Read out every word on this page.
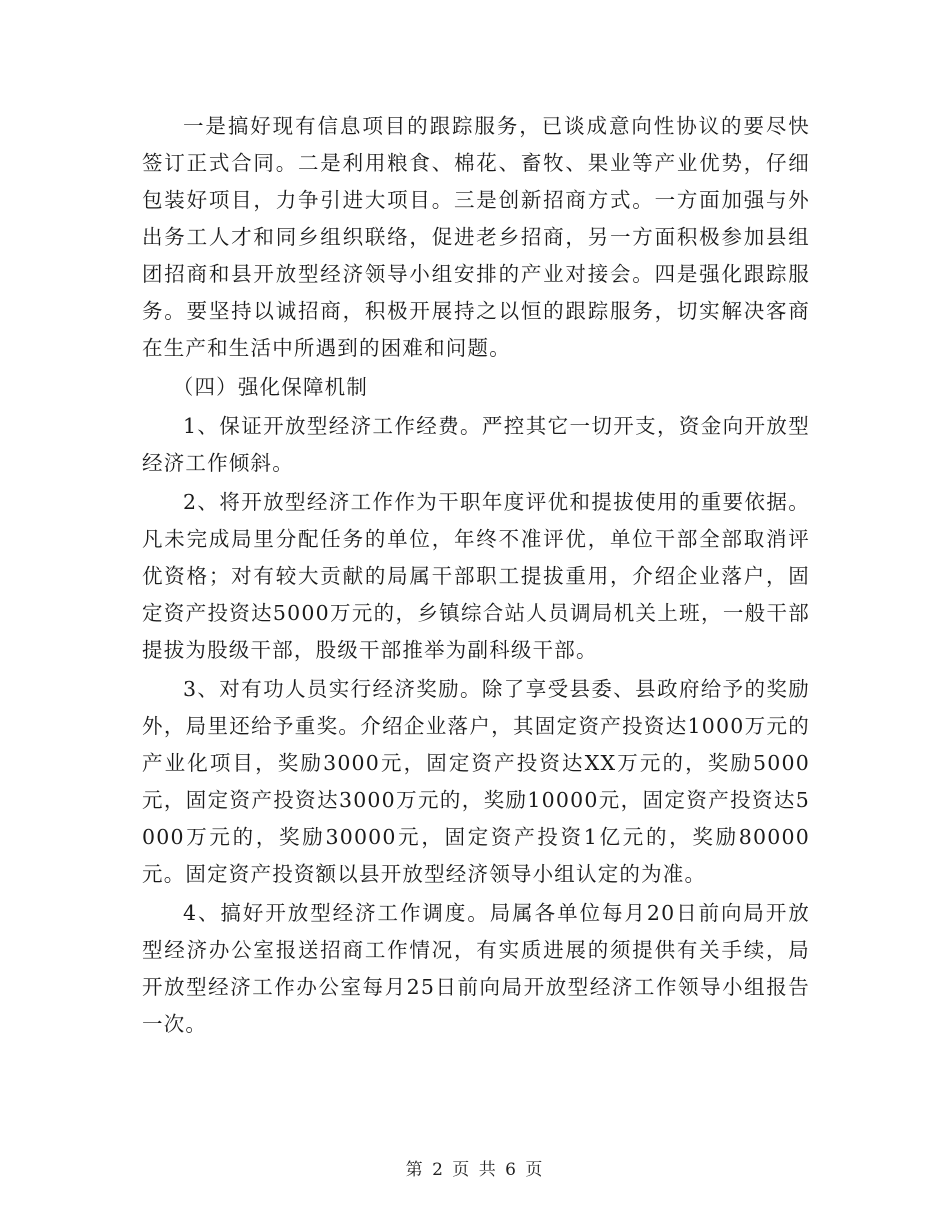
一是搞好现有信息项目的跟踪服务，已谈成意向性协议的要尽快签订正式合同。二是利用粮食、棉花、畜牧、果业等产业优势，仔细包装好项目，力争引进大项目。三是创新招商方式。一方面加强与外出务工人才和同乡组织联络，促进老乡招商，另一方面积极参加县组团招商和县开放型经济领导小组安排的产业对接会。四是强化跟踪服务。要坚持以诚招商，积极开展持之以恒的跟踪服务，切实解决客商在生产和生活中所遇到的困难和问题。

（四）强化保障机制

1、保证开放型经济工作经费。严控其它一切开支，资金向开放型经济工作倾斜。

2、将开放型经济工作作为干职年度评优和提拔使用的重要依据。凡未完成局里分配任务的单位，年终不准评优，单位干部全部取消评优资格；对有较大贡献的局属干部职工提拔重用，介绍企业落户，固定资产投资达5000万元的，乡镇综合站人员调局机关上班，一般干部提拔为股级干部，股级干部推举为副科级干部。

3、对有功人员实行经济奖励。除了享受县委、县政府给予的奖励外，局里还给予重奖。介绍企业落户，其固定资产投资达1000万元的产业化项目，奖励3000元，固定资产投资达XX万元的，奖励5000元，固定资产投资达3000万元的，奖励10000元，固定资产投资达5000万元的，奖励30000元，固定资产投资1亿元的，奖励80000元。固定资产投资额以县开放型经济领导小组认定的为准。

4、搞好开放型经济工作调度。局属各单位每月20日前向局开放型经济办公室报送招商工作情况，有实质进展的须提供有关手续，局开放型经济工作办公室每月25日前向局开放型经济工作领导小组报告一次。

第 2 页 共 6 页
